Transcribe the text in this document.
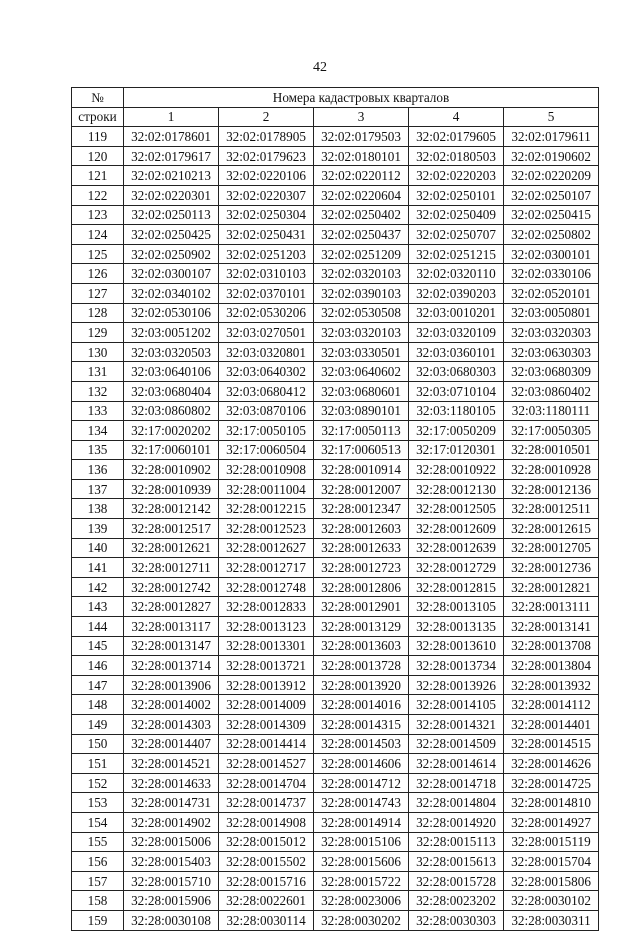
42
№	Номера кадастровых кварталов				
строки	1	2	3	4	5
119	32:02:0178601	32:02:0178905	32:02:0179503	32:02:0179605	32:02:0179611
120	32:02:0179617	32:02:0179623	32:02:0180101	32:02:0180503	32:02:0190602
121	32:02:0210213	32:02:0220106	32:02:0220112	32:02:0220203	32:02:0220209
122	32:02:0220301	32:02:0220307	32:02:0220604	32:02:0250101	32:02:0250107
123	32:02:0250113	32:02:0250304	32:02:0250402	32:02:0250409	32:02:0250415
124	32:02:0250425	32:02:0250431	32:02:0250437	32:02:0250707	32:02:0250802
125	32:02:0250902	32:02:0251203	32:02:0251209	32:02:0251215	32:02:0300101
126	32:02:0300107	32:02:0310103	32:02:0320103	32:02:0320110	32:02:0330106
127	32:02:0340102	32:02:0370101	32:02:0390103	32:02:0390203	32:02:0520101
128	32:02:0530106	32:02:0530206	32:02:0530508	32:03:0010201	32:03:0050801
129	32:03:0051202	32:03:0270501	32:03:0320103	32:03:0320109	32:03:0320303
130	32:03:0320503	32:03:0320801	32:03:0330501	32:03:0360101	32:03:0630303
131	32:03:0640106	32:03:0640302	32:03:0640602	32:03:0680303	32:03:0680309
132	32:03:0680404	32:03:0680412	32:03:0680601	32:03:0710104	32:03:0860402
133	32:03:0860802	32:03:0870106	32:03:0890101	32:03:1180105	32:03:1180111
134	32:17:0020202	32:17:0050105	32:17:0050113	32:17:0050209	32:17:0050305
135	32:17:0060101	32:17:0060504	32:17:0060513	32:17:0120301	32:28:0010501
136	32:28:0010902	32:28:0010908	32:28:0010914	32:28:0010922	32:28:0010928
137	32:28:0010939	32:28:0011004	32:28:0012007	32:28:0012130	32:28:0012136
138	32:28:0012142	32:28:0012215	32:28:0012347	32:28:0012505	32:28:0012511
139	32:28:0012517	32:28:0012523	32:28:0012603	32:28:0012609	32:28:0012615
140	32:28:0012621	32:28:0012627	32:28:0012633	32:28:0012639	32:28:0012705
141	32:28:0012711	32:28:0012717	32:28:0012723	32:28:0012729	32:28:0012736
142	32:28:0012742	32:28:0012748	32:28:0012806	32:28:0012815	32:28:0012821
143	32:28:0012827	32:28:0012833	32:28:0012901	32:28:0013105	32:28:0013111
144	32:28:0013117	32:28:0013123	32:28:0013129	32:28:0013135	32:28:0013141
145	32:28:0013147	32:28:0013301	32:28:0013603	32:28:0013610	32:28:0013708
146	32:28:0013714	32:28:0013721	32:28:0013728	32:28:0013734	32:28:0013804
147	32:28:0013906	32:28:0013912	32:28:0013920	32:28:0013926	32:28:0013932
148	32:28:0014002	32:28:0014009	32:28:0014016	32:28:0014105	32:28:0014112
149	32:28:0014303	32:28:0014309	32:28:0014315	32:28:0014321	32:28:0014401
150	32:28:0014407	32:28:0014414	32:28:0014503	32:28:0014509	32:28:0014515
151	32:28:0014521	32:28:0014527	32:28:0014606	32:28:0014614	32:28:0014626
152	32:28:0014633	32:28:0014704	32:28:0014712	32:28:0014718	32:28:0014725
153	32:28:0014731	32:28:0014737	32:28:0014743	32:28:0014804	32:28:0014810
154	32:28:0014902	32:28:0014908	32:28:0014914	32:28:0014920	32:28:0014927
155	32:28:0015006	32:28:0015012	32:28:0015106	32:28:0015113	32:28:0015119
156	32:28:0015403	32:28:0015502	32:28:0015606	32:28:0015613	32:28:0015704
157	32:28:0015710	32:28:0015716	32:28:0015722	32:28:0015728	32:28:0015806
158	32:28:0015906	32:28:0022601	32:28:0023006	32:28:0023202	32:28:0030102
159	32:28:0030108	32:28:0030114	32:28:0030202	32:28:0030303	32:28:0030311
